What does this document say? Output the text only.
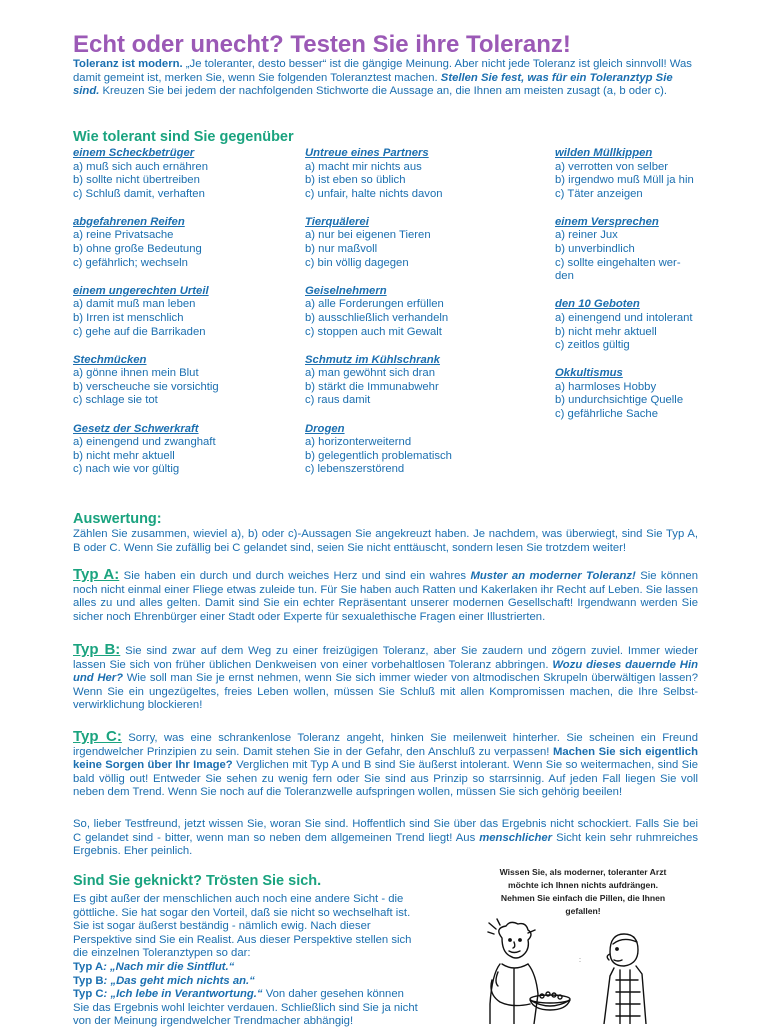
Echt oder unecht? Testen Sie ihre Toleranz!
Toleranz ist modern. „Je toleranter, desto besser“ ist die gängige Meinung. Aber nicht jede Toleranz ist gleich sinnvoll! Was damit gemeint ist, merken Sie, wenn Sie folgenden Toleranztest machen. Stellen Sie fest, was für ein Toleranztyp Sie sind. Kreuzen Sie bei jedem der nachfolgenden Stichworte die Aussage an, die Ihnen am meisten zusagt (a, b oder c).
Wie tolerant sind Sie gegenüber
einem Scheckbetrüger
a) muß sich auch ernähren
b) sollte nicht übertreiben
c) Schluß damit, verhaften
abgefahrenen Reifen
a) reine Privatsache
b) ohne große Bedeutung
c) gefährlich; wechseln
einem ungerechten Urteil
a) damit muß man leben
b) Irren ist menschlich
c) gehe auf die Barrikaden
Stechmücken
a) gönne ihnen mein Blut
b) verscheuche sie vorsichtig
c) schlage sie tot
Gesetz der Schwerkraft
a) einengend und zwanghaft
b) nicht mehr aktuell
c) nach wie vor gültig
Untreue eines Partners
a) macht mir nichts aus
b) ist eben so üblich
c) unfair, halte nichts davon
Tierquälerei
a) nur bei eigenen Tieren
b) nur maßvoll
c) bin völlig dagegen
Geiselnehmern
a) alle Forderungen erfüllen
b) ausschließlich verhandeln
c) stoppen auch mit Gewalt
Schmutz im Kühlschrank
a) man gewöhnt sich dran
b) stärkt die Immunabwehr
c) raus damit
Drogen
a) horizonterweiternd
b) gelegentlich problematisch
c) lebenszerstörend
wilden Müllkippen
a) verrotten von selber
b) irgendwo muß Müll ja hin
c) Täter anzeigen
einem Versprechen
a) reiner Jux
b) unverbindlich
c) sollte eingehalten wer-
den
den 10 Geboten
a) einengend und intolerant
b) nicht mehr aktuell
c) zeitlos gültig
Okkultismus
a) harmloses Hobby
b) undurchsichtige Quelle
c) gefährliche Sache
Auswertung:
Zählen Sie zusammen, wieviel a), b) oder c)-Aussagen Sie angekreuzt haben. Je nachdem, was überwiegt, sind Sie Typ A, B oder C. Wenn Sie zufällig bei C gelandet sind, seien Sie nicht enttäuscht, sondern lesen Sie trotzdem weiter!
Typ A: Sie haben ein durch und durch weiches Herz und sind ein wahres Muster an moderner Toleranz! Sie können noch nicht einmal einer Fliege etwas zuleide tun. Für Sie haben auch Ratten und Kakerlaken ihr Recht auf Leben. Sie lassen alles zu und alles gelten. Damit sind Sie ein echter Repräsentant unserer modernen Gesellschaft! Irgendwann werden Sie sicher noch Ehrenbürger einer Stadt oder Experte für sexualethische Fragen einer Illustrierten.
Typ B: Sie sind zwar auf dem Weg zu einer freizügigen Toleranz, aber Sie zaudern und zögern zuviel. Immer wieder lassen Sie sich von früher üblichen Denkweisen von einer vorbehaltlosen Toleranz abbringen. Wozu dieses dauernde Hin und Her? Wie soll man Sie je ernst nehmen, wenn Sie sich immer wieder von altmodischen Skrupeln überwältigen lassen? Wenn Sie ein ungezügeltes, freies Leben wollen, müssen Sie Schluß mit allen Kompromissen machen, die Ihre Selbst-verwirklichung blockieren!
Typ C: Sorry, was eine schrankenlose Toleranz angeht, hinken Sie meilenweit hinterher. Sie scheinen ein Freund irgendwelcher Prinzipien zu sein. Damit stehen Sie in der Gefahr, den Anschluß zu verpassen! Machen Sie sich eigentlich keine Sorgen über Ihr Image? Verglichen mit Typ A und B sind Sie äußerst intolerant. Wenn Sie so weitermachen, sind Sie bald völlig out! Entweder Sie sehen zu wenig fern oder Sie sind aus Prinzip so starrsinnig. Auf jeden Fall liegen Sie voll neben dem Trend. Wenn Sie noch auf die Toleranzwelle aufspringen wollen, müssen Sie sich gehörig beeilen!
So, lieber Testfreund, jetzt wissen Sie, woran Sie sind. Hoffentlich sind Sie über das Ergebnis nicht schockiert. Falls Sie bei C gelandet sind - bitter, wenn man so neben dem allgemeinen Trend liegt! Aus menschlicher Sicht kein sehr ruhmreiches Ergebnis. Eher peinlich.
Sind Sie geknickt? Trösten Sie sich.
Es gibt außer der menschlichen auch noch eine andere Sicht - die göttliche. Sie hat sogar den Vorteil, daß sie nicht so wechselhaft ist. Sie ist sogar äußerst beständig - nämlich ewig. Nach dieser Perspektive sind Sie ein Realist. Aus dieser Perspektive stellen sich die einzelnen Toleranztypen so dar:
Typ A: „Nach mir die Sintflut.“
Typ B: „Das geht mich nichts an.“
Typ C: „Ich lebe in Verantwortung.“ Von daher gesehen können Sie das Ergebnis wohl leichter verdauen. Schließlich sind Sie ja nicht von der Meinung irgendwelcher Trendmacher abhängig!
Wissen Sie, als moderner, toleranter Arzt möchte ich Ihnen nichts aufdrängen. Nehmen Sie einfach die Pillen, die Ihnen gefallen!
